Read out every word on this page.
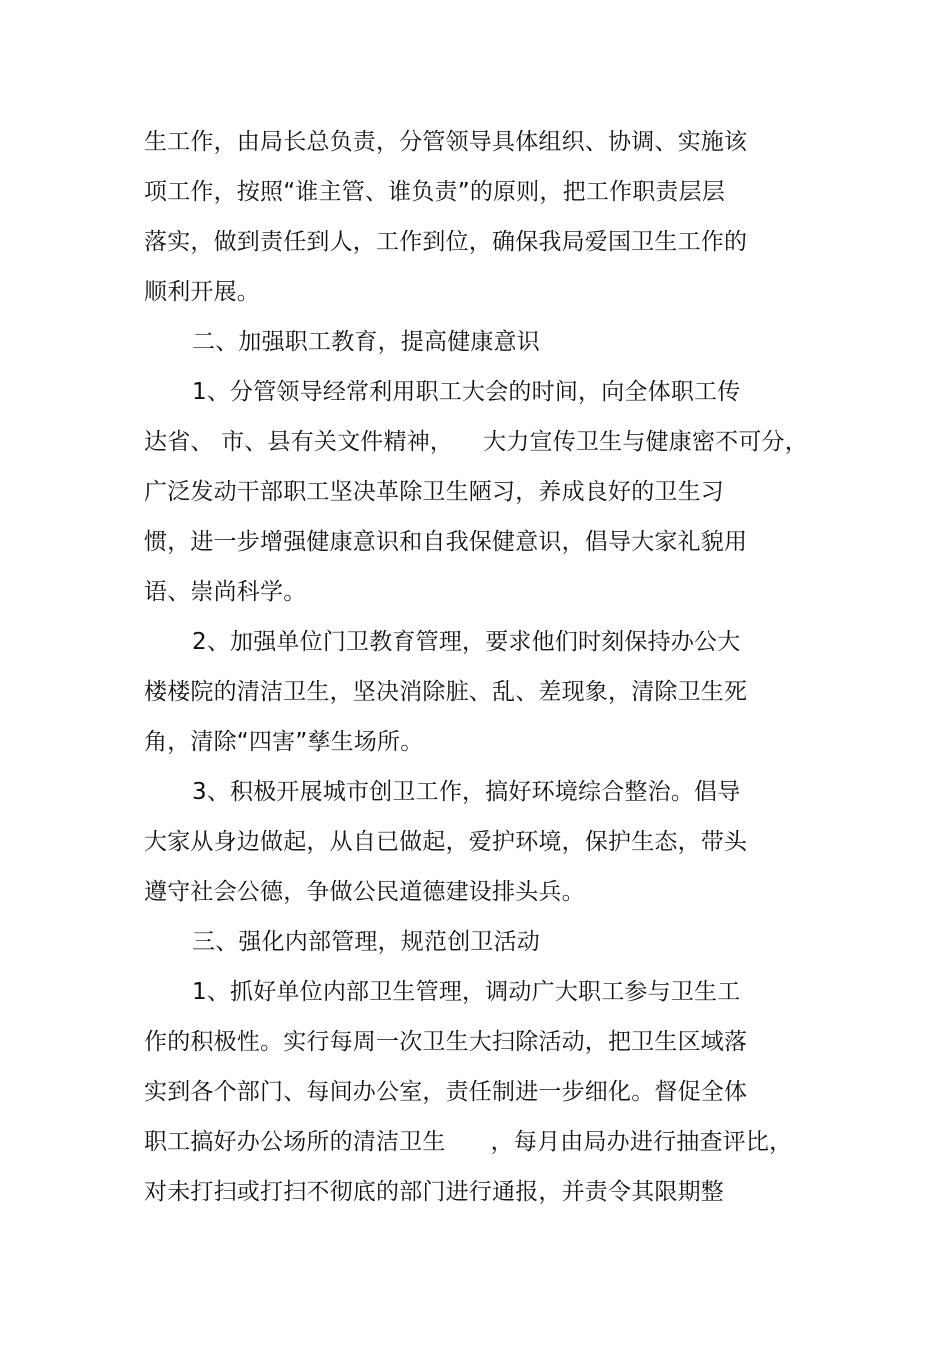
生工作，由局长总负责，分管领导具体组织、协调、实施该
项工作，按照“谁主管、谁负责”的原则，把工作职责层层
落实，做到责任到人，工作到位，确保我局爱国卫生工作的
顺利开展。
二、加强职工教育，提高健康意识
1、分管领导经常利用职工大会的时间，向全体职工传
达省、 市、县有关文件精神，    大力宣传卫生与健康密不可分，
广泛发动干部职工坚决革除卫生陋习，养成良好的卫生习
惯，进一步增强健康意识和自我保健意识，倡导大家礼貌用
语、崇尚科学。
2、加强单位门卫教育管理，要求他们时刻保持办公大
楼楼院的清洁卫生，坚决消除脏、乱、差现象，清除卫生死
角，清除“四害”孳生场所。
3、积极开展城市创卫工作，搞好环境综合整治。倡导
大家从身边做起，从自已做起，爱护环境，保护生态，带头
遵守社会公德，争做公民道德建设排头兵。
三、强化内部管理，规范创卫活动
1、抓好单位内部卫生管理，调动广大职工参与卫生工
作的积极性。实行每周一次卫生大扫除活动，把卫生区域落
实到各个部门、每间办公室，责任制进一步细化。督促全体
职工搞好办公场所的清洁卫生      ，每月由局办进行抽查评比，
对未打扫或打扫不彻底的部门进行通报，并责令其限期整
